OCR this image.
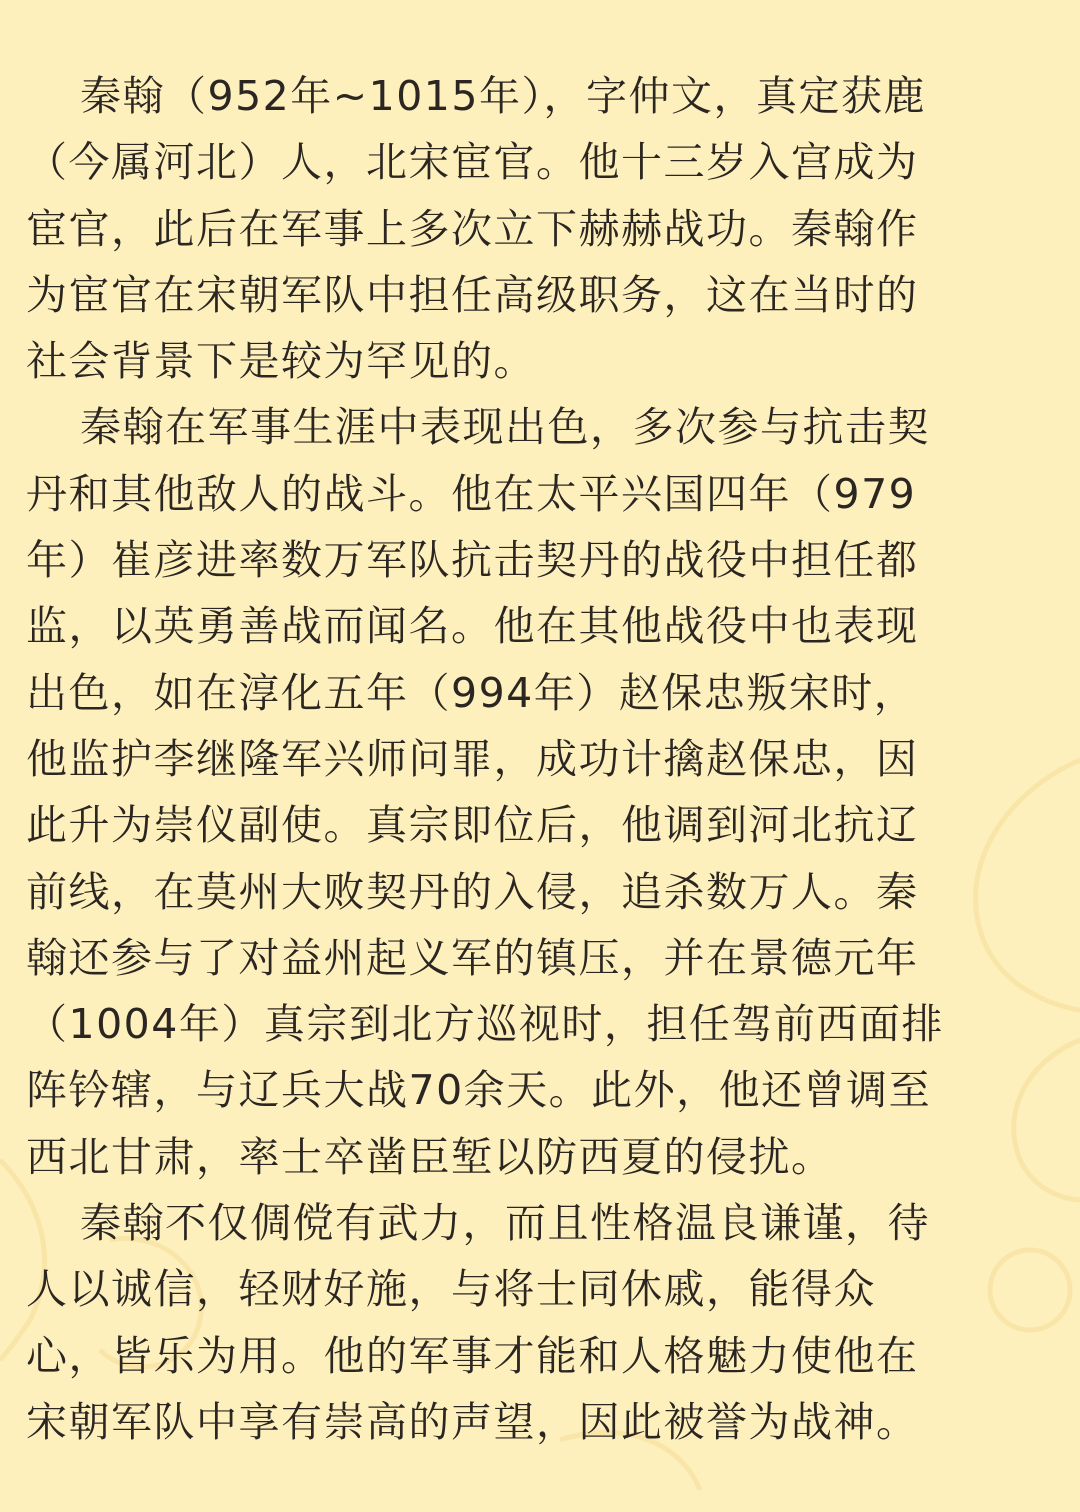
秦翰（952年~1015年），字仲文，真定获鹿
（今属河北）人，北宋宦官。他十三岁入宫成为
宦官，此后在军事上多次立下赫赫战功。秦翰作
为宦官在宋朝军队中担任高级职务，这在当时的
社会背景下是较为罕见的。
秦翰在军事生涯中表现出色，多次参与抗击契
丹和其他敌人的战斗。他在太平兴国四年（979
年）崔彦进率数万军队抗击契丹的战役中担任都
监，以英勇善战而闻名。他在其他战役中也表现
出色，如在淳化五年（994年）赵保忠叛宋时，
他监护李继隆军兴师问罪，成功计擒赵保忠，因
此升为崇仪副使。真宗即位后，他调到河北抗辽
前线，在莫州大败契丹的入侵，追杀数万人。秦
翰还参与了对益州起义军的镇压，并在景德元年
（1004年）真宗到北方巡视时，担任驾前西面排
阵钤辖，与辽兵大战70余天。此外，他还曾调至
西北甘肃，率士卒凿臣堑以防西夏的侵扰。
秦翰不仅倜傥有武力，而且性格温良谦谨，待
人以诚信，轻财好施，与将士同休戚，能得众
心，皆乐为用。他的军事才能和人格魅力使他在
宋朝军队中享有崇高的声望，因此被誉为战神。
